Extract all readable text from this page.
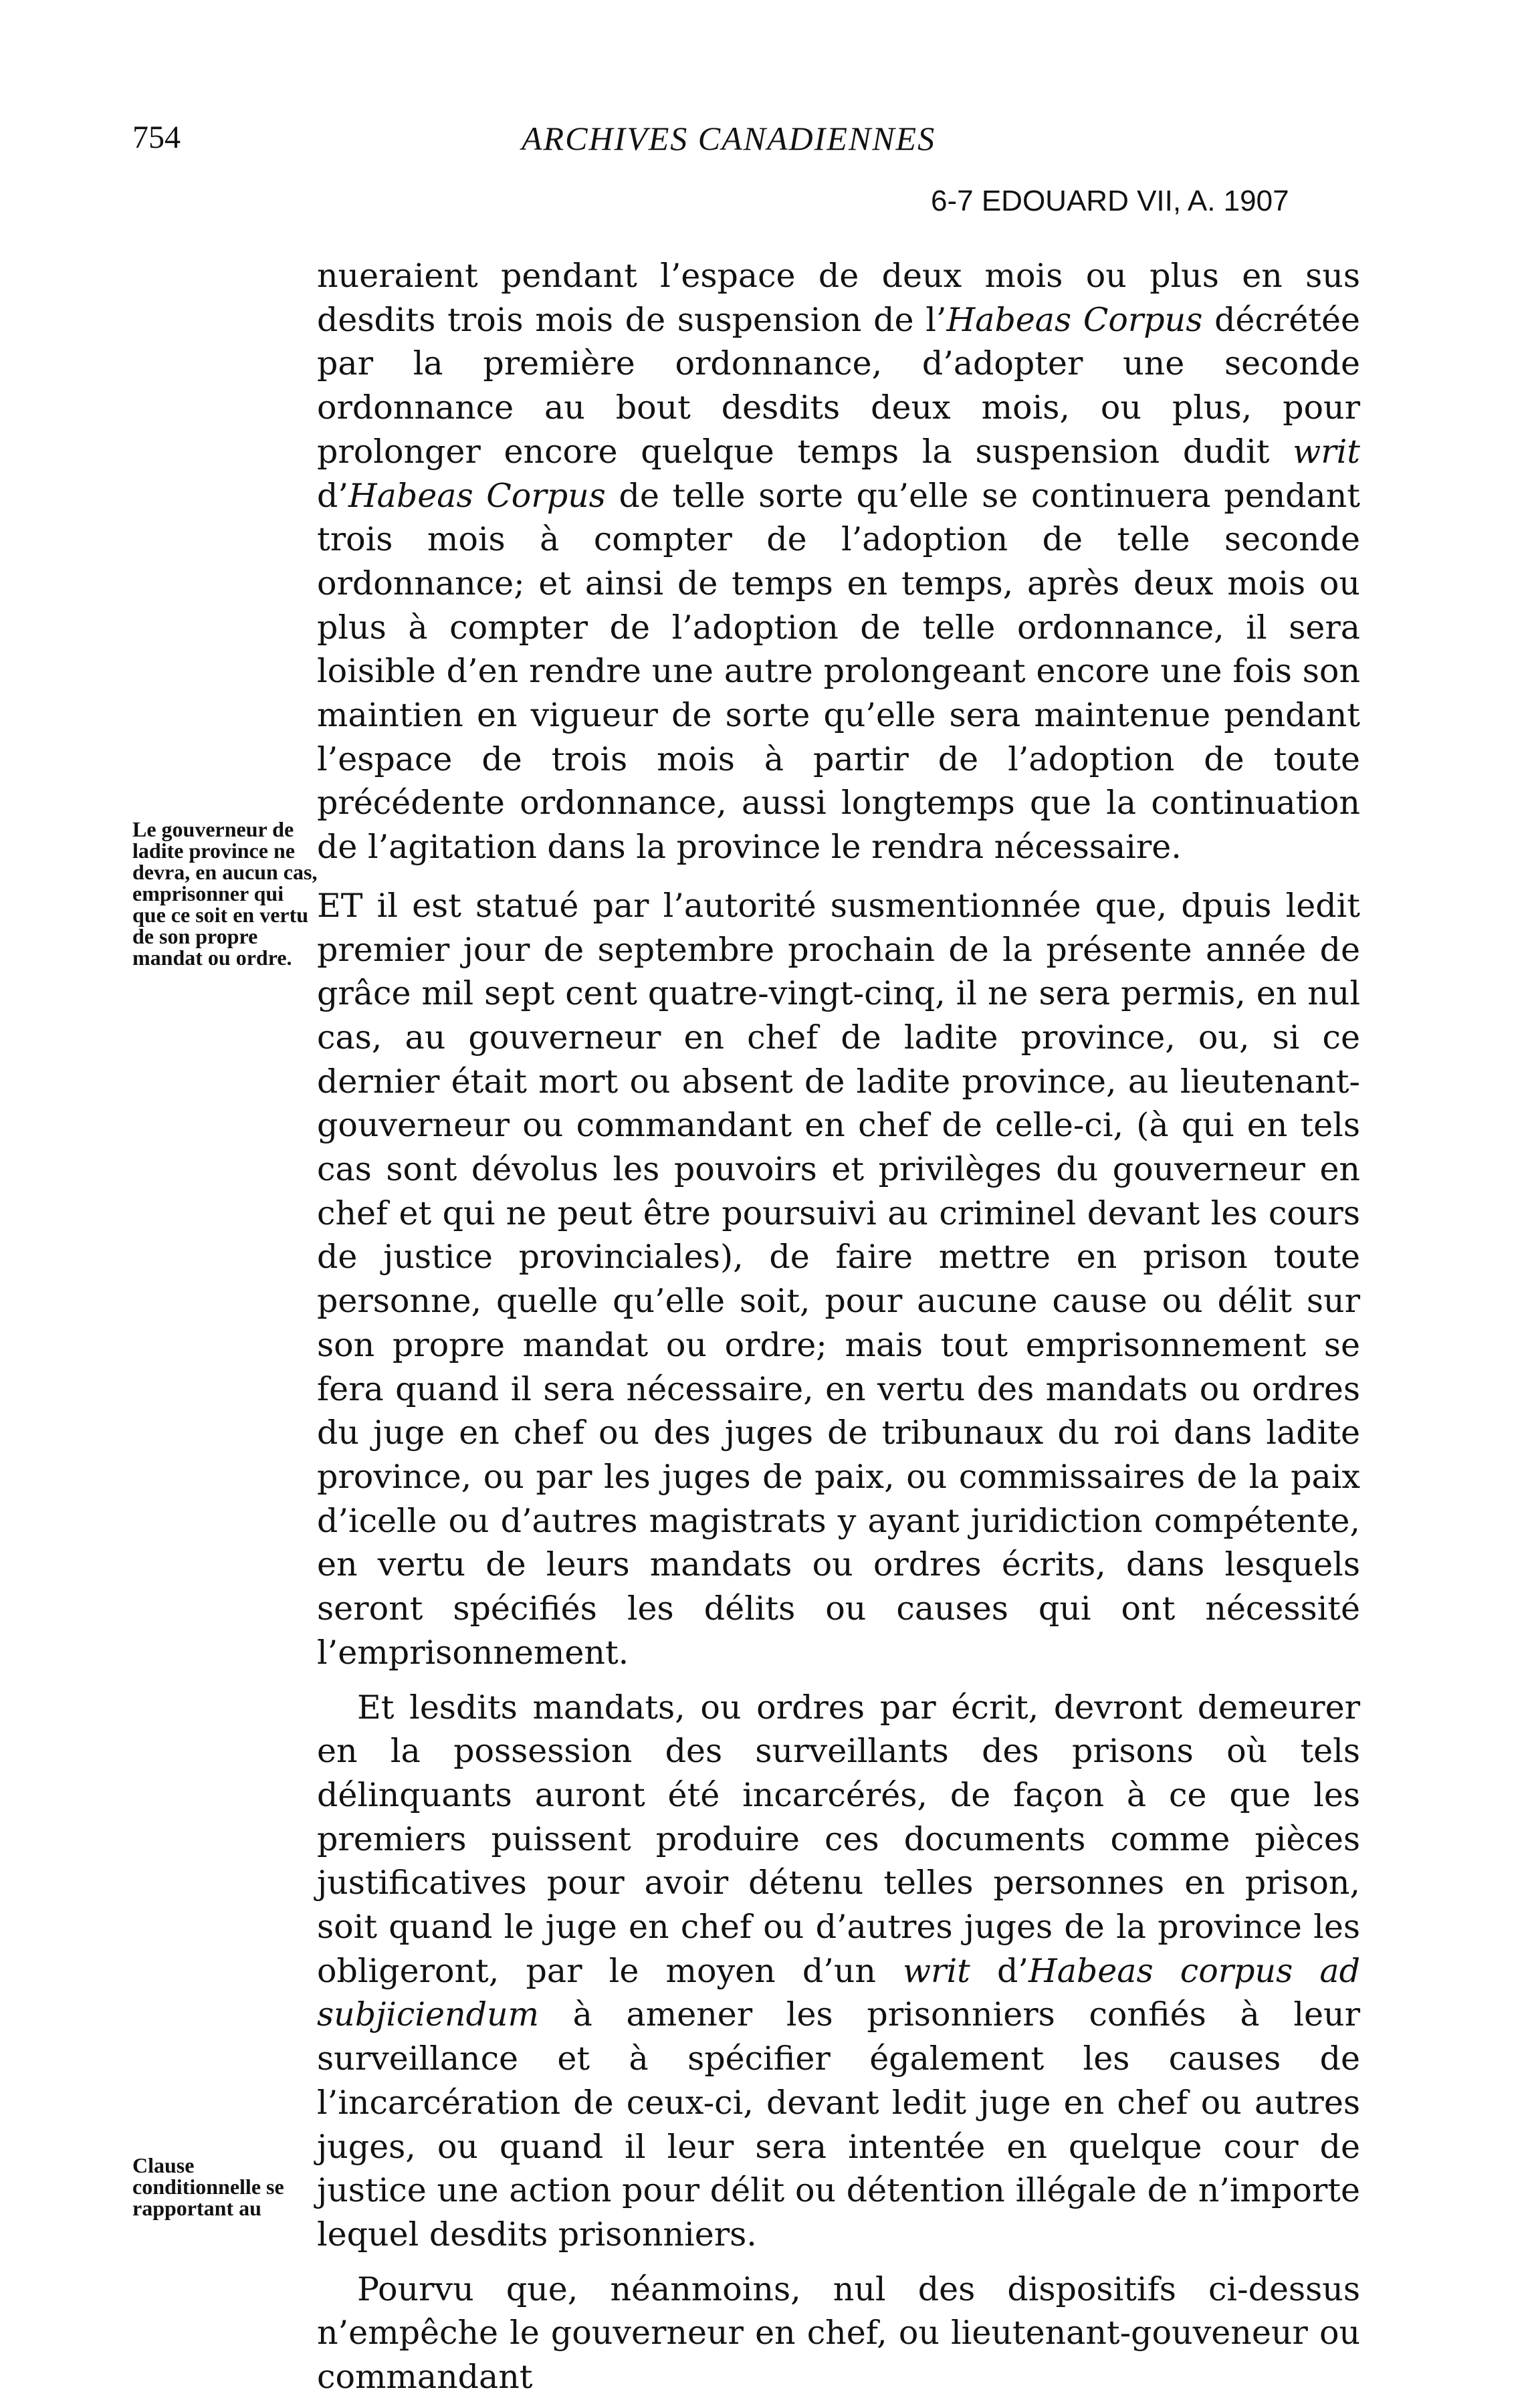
754	ARCHIVES CANADIENNES
6-7 EDOUARD VII, A. 1907
Le gouverneur de ladite province ne devra, en aucun cas, emprisonner qui que ce soit en vertu de son propre mandat ou ordre.
Clause conditionnelle se rapportant au

nueraient pendant l’espace de deux mois ou plus en sus desdits trois mois de suspension de l’Habeas Corpus décrétée par la première ordonnance, d’adopter une seconde ordonnance au bout desdits deux mois, ou plus, pour prolonger encore quelque temps la suspension dudit writ d’Habeas Corpus de telle sorte qu’elle se continuera pendant trois mois à compter de l’adoption de telle seconde ordonnance; et ainsi de temps en temps, après deux mois ou plus à compter de l’adoption de telle ordonnance, il sera loisible d’en rendre une autre prolongeant encore une fois son maintien en vigueur de sorte qu’elle sera maintenue pendant l’espace de trois mois à partir de l’adoption de toute précédente ordonnance, aussi longtemps que la continuation de l’agitation dans la province le rendra nécessaire.

ET il est statué par l’autorité susmentionnée que, dpuis ledit premier jour de septembre prochain de la présente année de grâce mil sept cent quatre-vingt-cinq, il ne sera permis, en nul cas, au gouverneur en chef de ladite province, ou, si ce dernier était mort ou absent de ladite province, au lieutenant-gouverneur ou commandant en chef de celle-ci, (à qui en tels cas sont dévolus les pouvoirs et privilèges du gouverneur en chef et qui ne peut être poursuivi au criminel devant les cours de justice provinciales), de faire mettre en prison toute personne, quelle qu’elle soit, pour aucune cause ou délit sur son propre mandat ou ordre; mais tout emprisonnement se fera quand il sera nécessaire, en vertu des mandats ou ordres du juge en chef ou des juges de tribunaux du roi dans ladite province, ou par les juges de paix, ou commissaires de la paix d’icelle ou d’autres magistrats y ayant juridiction compétente, en vertu de leurs mandats ou ordres écrits, dans lesquels seront spécifiés les délits ou causes qui ont nécessité l’emprisonnement.

Et lesdits mandats, ou ordres par écrit, devront demeurer en la possession des surveillants des prisons où tels délinquants auront été incarcérés, de façon à ce que les premiers puissent produire ces documents comme pièces justificatives pour avoir détenu telles personnes en prison, soit quand le juge en chef ou d’autres juges de la province les obligeront, par le moyen d’un writ d’Habeas corpus ad subjiciendum à amener les prisonniers confiés à leur surveillance et à spécifier également les causes de l’incarcération de ceux-ci, devant ledit juge en chef ou autres juges, ou quand il leur sera intentée en quelque cour de justice une action pour délit ou détention illégale de n’importe lequel desdits prisonniers.

Pourvu que, néanmoins, nul des dispositifs ci-dessus n’empêche le gouverneur en chef, ou lieutenant-gouveneur ou commandant
